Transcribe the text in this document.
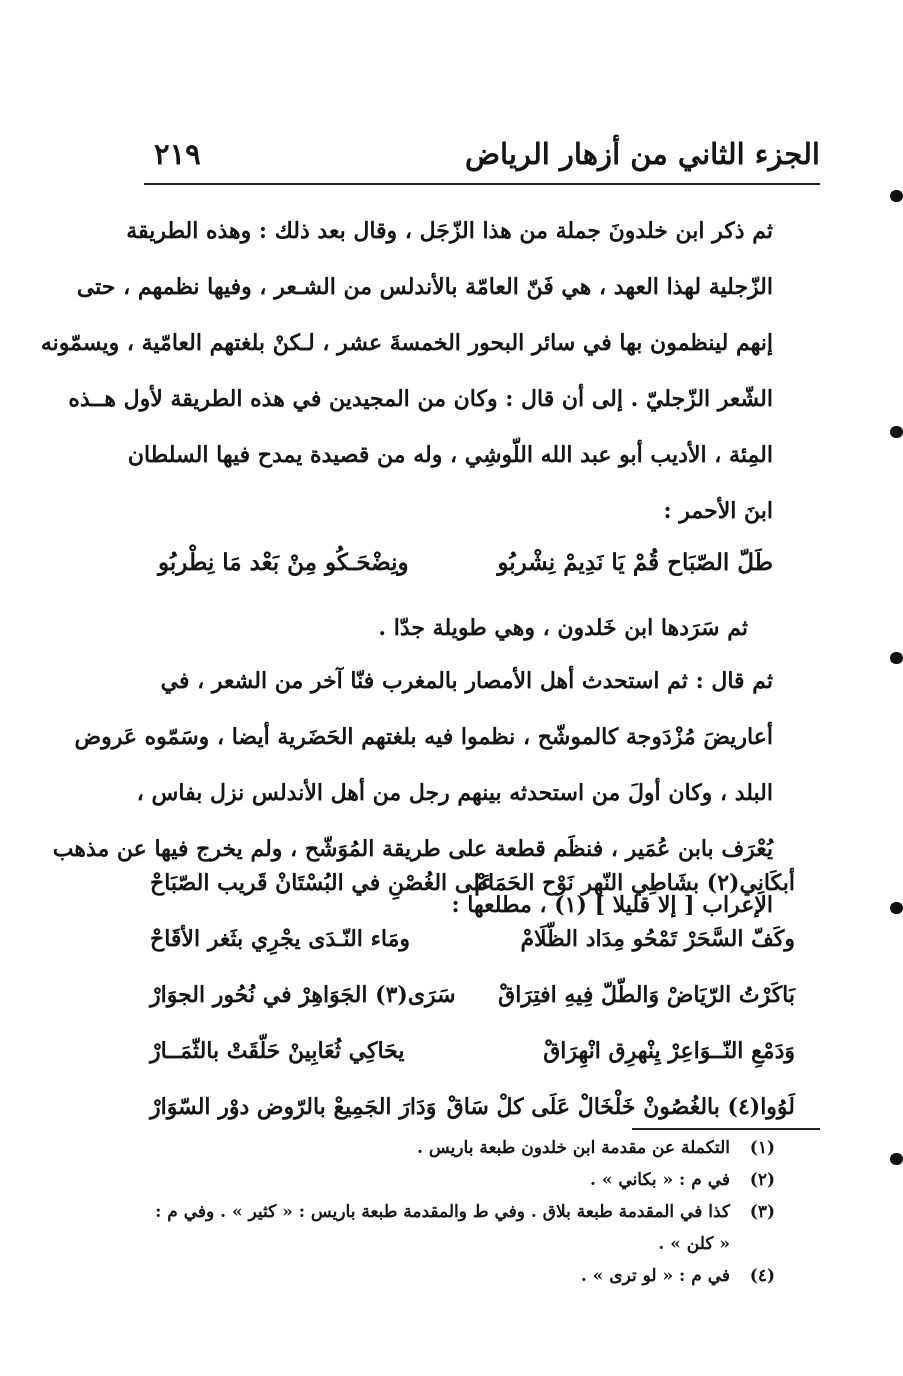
الجزء الثاني من أزهار الرياض
٢١٩
ثم ذكر ابن خلدونَ جملة من هذا الزّجَل ، وقال بعد ذلك : وهذه الطريقة
الزّجلية لهذا العهد ، هي فَنّ العامّة بالأندلس من الشـعر ، وفيها نظمهم ، حتى
إنهم لينظمون بها في سائر البحور الخمسةَ عشر ، لـكنْ بلغتهم العامّية ، ويسمّونه
الشّعر الزّجليّ . إلى أن قال : وكان من المجيدين في هذه الطريقة لأول هــذه
المِئة ، الأديب أبو عبد الله اللّوشِي ، وله من قصيدة يمدح فيها السلطان
ابنَ الأحمر :
طَلّ الصّبَاح قُمْ يَا نَدِيمْ نِشْربُو
ونِضْحَـكُو مِنْ بَعْد مَا نِطْربُو
ثم سَرَدها ابن خَلدون ، وهي طويلة جدّا .
ثم قال : ثم استحدث أهل الأمصار بالمغرب فنّا آخر من الشعر ، في
أعاريضَ مُزْدَوجة كالموشّح ، نظموا فيه بلغتهم الحَضَرية أيضا ، وسَمّوه عَروض
البلد ، وكان أولَ من استحدثه بينهم رجل من أهل الأندلس نزل بفاس ،
يُعْرَف بابن عُمَير ، فنظَم قطعة على طريقة المُوَشّح ، ولم يخرج فيها عن مذهب
الإعراب [ إلا قليلا ] (١) ، مطلعها :
أبكَانِي(٢) بشَاطِي النّهر نَوْح الحَمَامْ
عَلى الغُصْنِ في البُسْتَانْ قَريب الصّبَاحْ
وكَفّ السَّحَرْ تَمْحُو مِدَاد الظّلَامْ
ومَاء النّـدَى يجْرِي بثَغر الأقَاحْ
بَاكَرْتُ الرّيَاضْ وَالطّلّ فِيهِ افتِرَاقْ
سَرَى(٣) الجَوَاهِرْ في نُحُور الجوَارْ
وَدَمْعِ النّــوَاعِرْ يِنْهرِق انْهِرَاقْ
يحَاكِي ثُعَابِينْ حَلّقَتْ بالثّمَــارْ
لَوُوا(٤) بالغُصُونْ خَلْخَالْ عَلَى كلْ سَاقْ
وَدَارَ الجَمِيعْ بالرّوض دوْر السّوَارْ
(١)
التكملة عن مقدمة ابن خلدون طبعة باريس .
(٢)
في م : « بكاني » .
(٣)
كذا في المقدمة طبعة بلاق . وفي ط والمقدمة طبعة باريس : « كثير » . وفي م :
« كلن » .
(٤)
في م : « لو ترى » .
